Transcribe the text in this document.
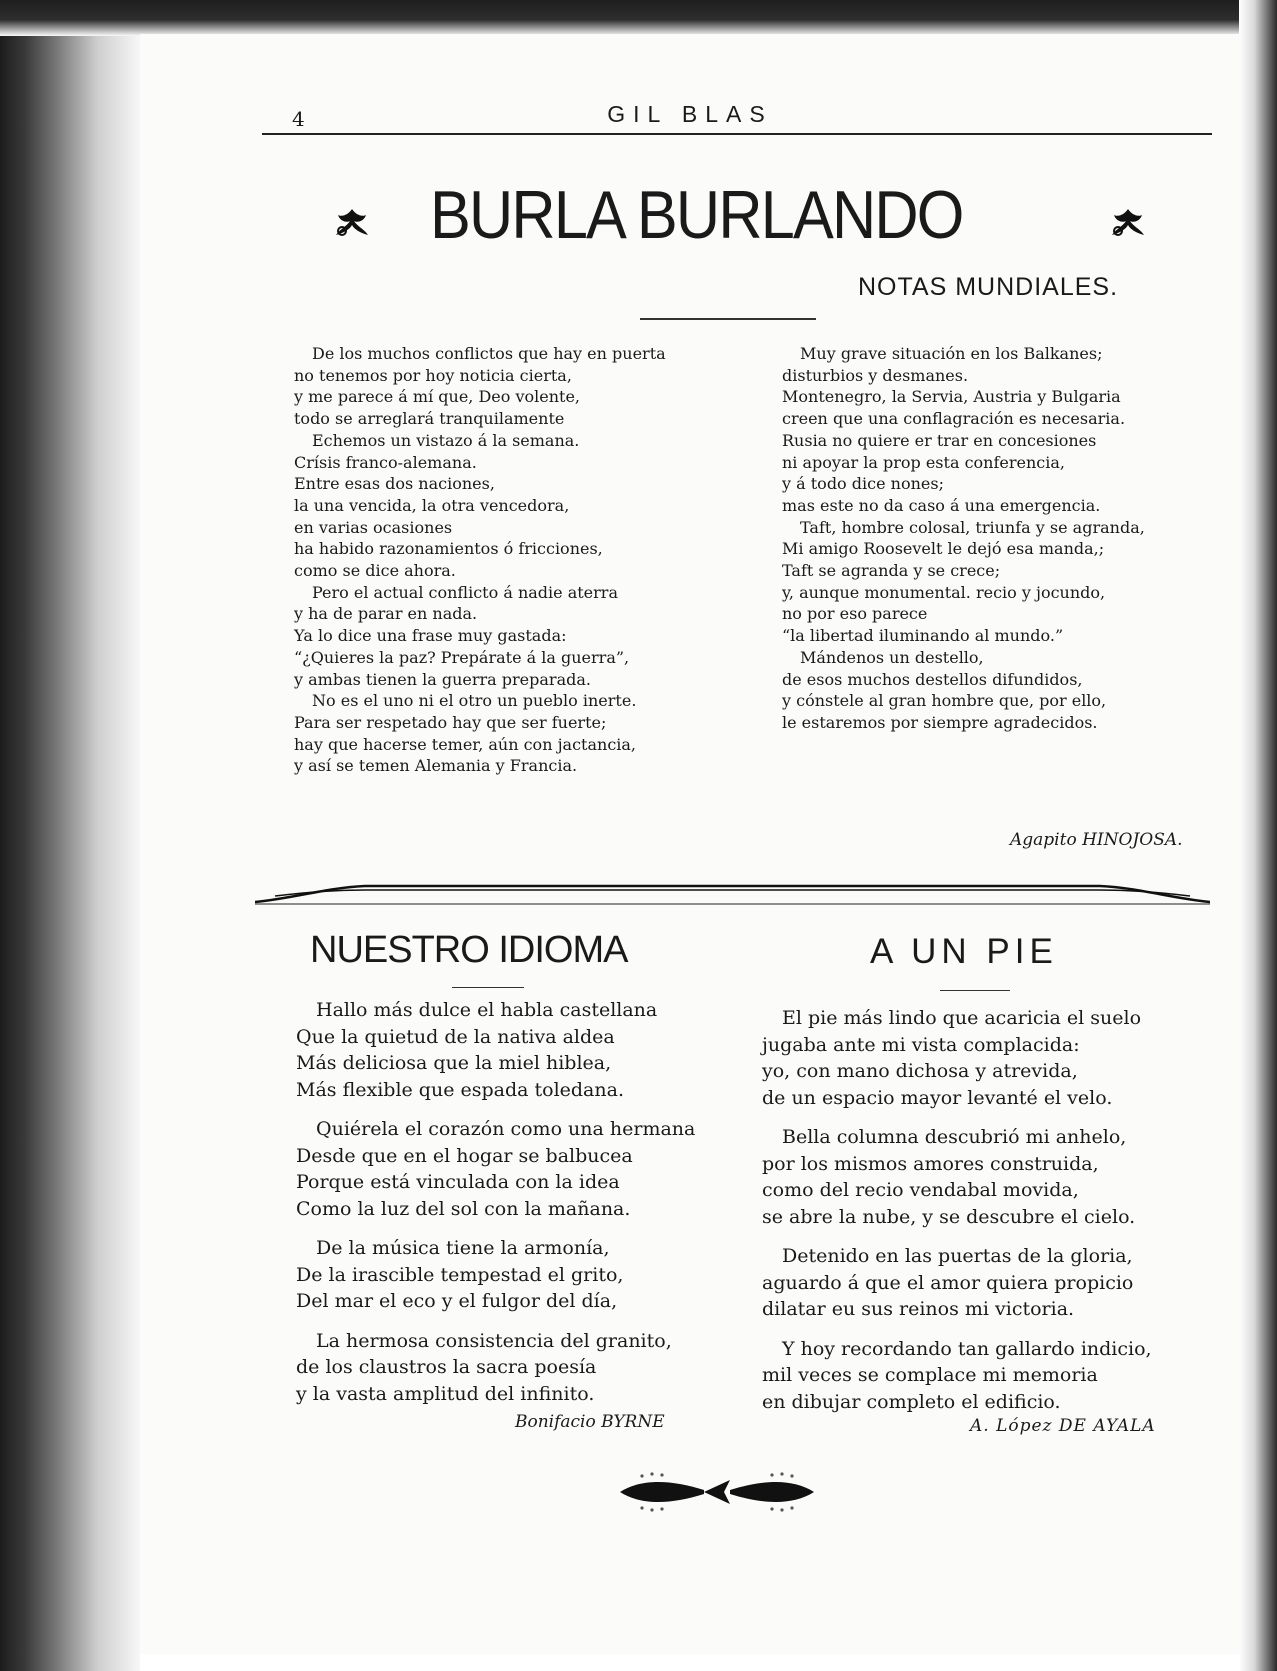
4	GIL BLAS
BURLA BURLANDO
NOTAS MUNDIALES.
De los muchos conflictos que hay en puerta
no tenemos por hoy noticia cierta,
y me parece á mí que, Deo volente,
todo se arreglará tranquilamente
Echemos un vistazo á la semana.
Crísis franco-alemana.
Entre esas dos naciones,
la una vencida, la otra vencedora,
en varias ocasiones
ha habido razonamientos ó fricciones,
como se dice ahora.
Pero el actual conflicto á nadie aterra
y ha de parar en nada.
Ya lo dice una frase muy gastada:
“¿Quieres la paz? Prepárate á la guerra”,
y ambas tienen la guerra preparada.
No es el uno ni el otro un pueblo inerte.
Para ser respetado hay que ser fuerte;
hay que hacerse temer, aún con jactancia,
y así se temen Alemania y Francia.
Muy grave situación en los Balkanes;
disturbios y desmanes.
Montenegro, la Servia, Austria y Bulgaria
creen que una conflagración es necesaria.
Rusia no quiere er trar en concesiones
ni apoyar la prop esta conferencia,
y á todo dice nones;
mas este no da caso á una emergencia.
Taft, hombre colosal, triunfa y se agranda,
Mi amigo Roosevelt le dejó esa manda,;
Taft se agranda y se crece;
y, aunque monumental. recio y jocundo,
no por eso parece
“la libertad iluminando al mundo.”
Mándenos un destello,
de esos muchos destellos difundidos,
y cónstele al gran hombre que, por ello,
le estaremos por siempre agradecidos.
Agapito HINOJOSA.
NUESTRO IDIOMA	A UN PIE
Hallo más dulce el habla castellana
Que la quietud de la nativa aldea
Más deliciosa que la miel hiblea,
Más flexible que espada toledana.
Quiérela el corazón como una hermana
Desde que en el hogar se balbucea
Porque está vinculada con la idea
Como la luz del sol con la mañana.
De la música tiene la armonía,
De la irascible tempestad el grito,
Del mar el eco y el fulgor del día,
La hermosa consistencia del granito,
de los claustros la sacra poesía
y la vasta amplitud del infinito.
Bonifacio BYRNE
El pie más lindo que acaricia el suelo
jugaba ante mi vista complacida:
yo, con mano dichosa y atrevida,
de un espacio mayor levanté el velo.
Bella columna descubrió mi anhelo,
por los mismos amores construida,
como del recio vendabal movida,
se abre la nube, y se descubre el cielo.
Detenido en las puertas de la gloria,
aguardo á que el amor quiera propicio
dilatar eu sus reinos mi victoria.
Y hoy recordando tan gallardo indicio,
mil veces se complace mi memoria
en dibujar completo el edificio.
A. López DE AYALA
